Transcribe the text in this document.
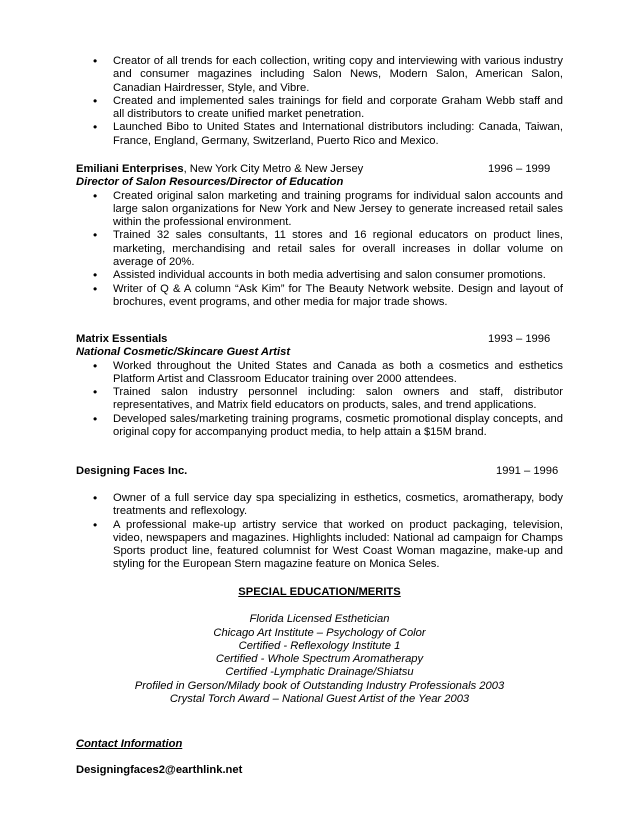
• Creator of all trends for each collection, writing copy and interviewing with various industry and consumer magazines including Salon News, Modern Salon, American Salon, Canadian Hairdresser, Style, and Vibre.
• Created and implemented sales trainings for field and corporate Graham Webb staff and all distributors to create unified market penetration.
• Launched Bibo to United States and International distributors including: Canada, Taiwan, France, England, Germany, Switzerland, Puerto Rico and Mexico.
Emiliani Enterprises, New York City Metro & New Jersey	1996 – 1999
Director of Salon Resources/Director of Education
• Created original salon marketing and training programs for individual salon accounts and large salon organizations for New York and New Jersey to generate increased retail sales within the professional environment.
• Trained 32 sales consultants, 11 stores and 16 regional educators on product lines, marketing, merchandising and retail sales for overall increases in dollar volume on average of 20%.
• Assisted individual accounts in both media advertising and salon consumer promotions.
• Writer of Q & A column “Ask Kim” for The Beauty Network website. Design and layout of brochures, event programs, and other media for major trade shows.
Matrix Essentials	1993 – 1996
National Cosmetic/Skincare Guest Artist
• Worked throughout the United States and Canada as both a cosmetics and esthetics Platform Artist and Classroom Educator training over 2000 attendees.
• Trained salon industry personnel including: salon owners and staff, distributor representatives, and Matrix field educators on products, sales, and trend applications.
• Developed sales/marketing training programs, cosmetic promotional display concepts, and original copy for accompanying product media, to help attain a $15M brand.
Designing Faces Inc.	1991 – 1996
• Owner of a full service day spa specializing in esthetics, cosmetics, aromatherapy, body treatments and reflexology.
• A professional make-up artistry service that worked on product packaging, television, video, newspapers and magazines. Highlights included: National ad campaign for Champs Sports product line, featured columnist for West Coast Woman magazine, make-up and styling for the European Stern magazine feature on Monica Seles.
SPECIAL EDUCATION/MERITS
Florida Licensed Esthetician
Chicago Art Institute – Psychology of Color
Certified - Reflexology Institute 1
Certified - Whole Spectrum Aromatherapy
Certified -Lymphatic Drainage/Shiatsu
Profiled in Gerson/Milady book of Outstanding Industry Professionals 2003
Crystal Torch Award – National Guest Artist of the Year 2003
Contact Information
Designingfaces2@earthlink.net
